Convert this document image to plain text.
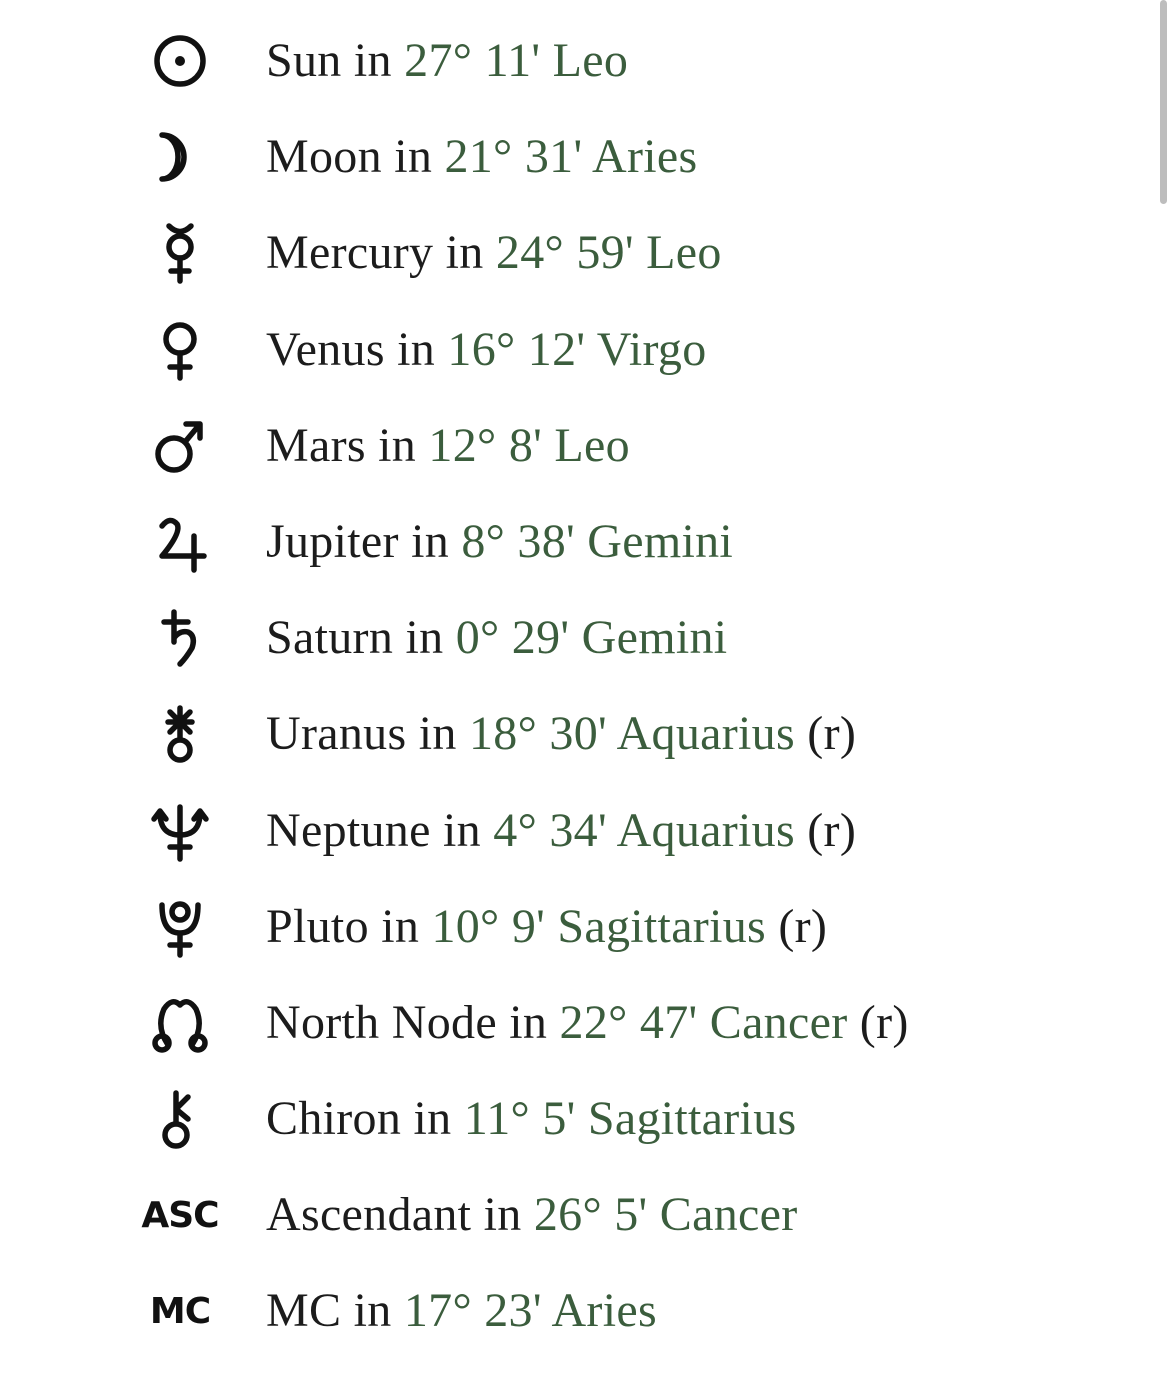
Sun in 27° 11' Leo
Moon in 21° 31' Aries
Mercury in 24° 59' Leo
Venus in 16° 12' Virgo
Mars in 12° 8' Leo
Jupiter in 8° 38' Gemini
Saturn in 0° 29' Gemini
Uranus in 18° 30' Aquarius (r)
Neptune in 4° 34' Aquarius (r)
Pluto in 10° 9' Sagittarius (r)
North Node in 22° 47' Cancer (r)
Chiron in 11° 5' Sagittarius
ASC Ascendant in 26° 5' Cancer
MC MC in 17° 23' Aries
